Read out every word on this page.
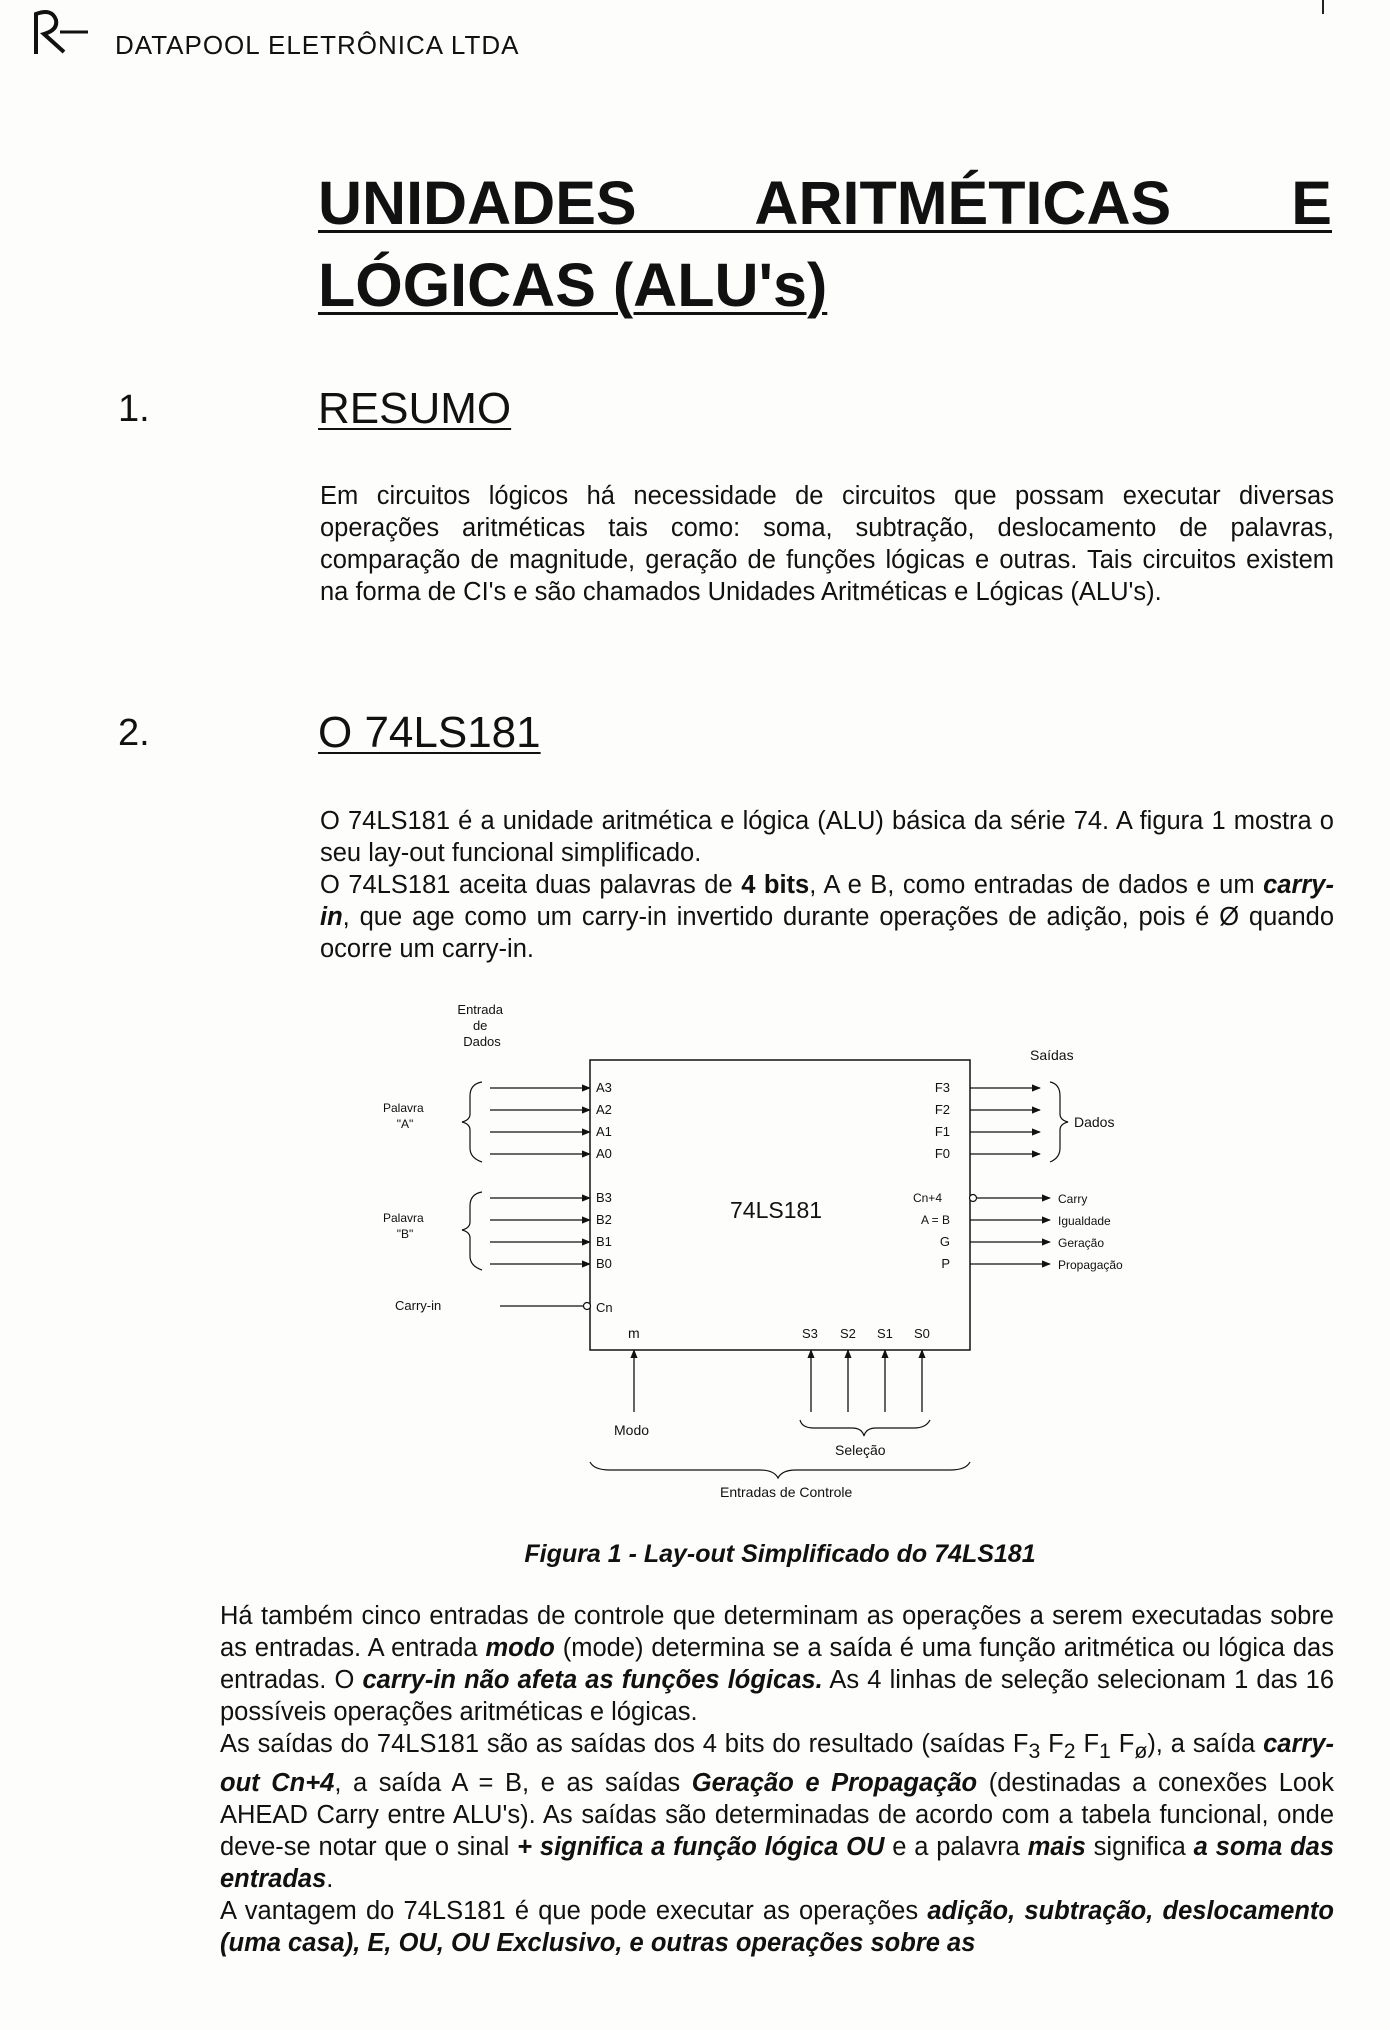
DATAPOOL ELETRÔNICA LTDA
UNIDADES ARITMÉTICAS E
LÓGICAS (ALU's)
1.	RESUMO

Em circuitos lógicos há necessidade de circuitos que possam executar diversas operações aritméticas tais como: soma, subtração, deslocamento de palavras, comparação de magnitude, geração de funções lógicas e outras. Tais circuitos existem na forma de CI's e são chamados Unidades Aritméticas e Lógicas (ALU's).

2.	O 74LS181

O 74LS181 é a unidade aritmética e lógica (ALU) básica da série 74. A figura 1 mostra o seu lay-out funcional simplificado.

O 74LS181 aceita duas palavras de 4 bits, A e B, como entradas de dados e um carry-in, que age como um carry-in invertido durante operações de adição, pois é Ø quando ocorre um carry-in.

74LS181
Entrada de Dados
Saídas
Palavra "A"
A3
A2
A1
A0
Palavra "B"
B3
B2
B1
B0
Carry-in	Cn
F3
F2
F1
F0
Dados
Cn+4
A = B
G
P
Carry
Igualdade
Geração
Propagação
m	S3 S2 S1 S0
Modo
Seleção
Entradas de Controle
Figura 1 - Lay-out Simplificado do 74LS181

Há também cinco entradas de controle que determinam as operações a serem executadas sobre as entradas. A entrada modo (mode) determina se a saída é uma função aritmética ou lógica das entradas. O carry-in não afeta as funções lógicas. As 4 linhas de seleção selecionam 1 das 16 possíveis operações aritméticas e lógicas.

As saídas do 74LS181 são as saídas dos 4 bits do resultado (saídas $F_3$ $F_2$ $F_1$ $F_ø$), a saída carry-out Cn+4, a saída A = B, e as saídas Geração e Propagação (destinadas a conexões Look AHEAD Carry entre ALU's). As saídas são determinadas de acordo com a tabela funcional, onde deve-se notar que o sinal + significa a função lógica OU e a palavra mais significa a soma das entradas.

A vantagem do 74LS181 é que pode executar as operações adição, subtração, deslocamento (uma casa), E, OU, OU Exclusivo, e outras operações sobre as
